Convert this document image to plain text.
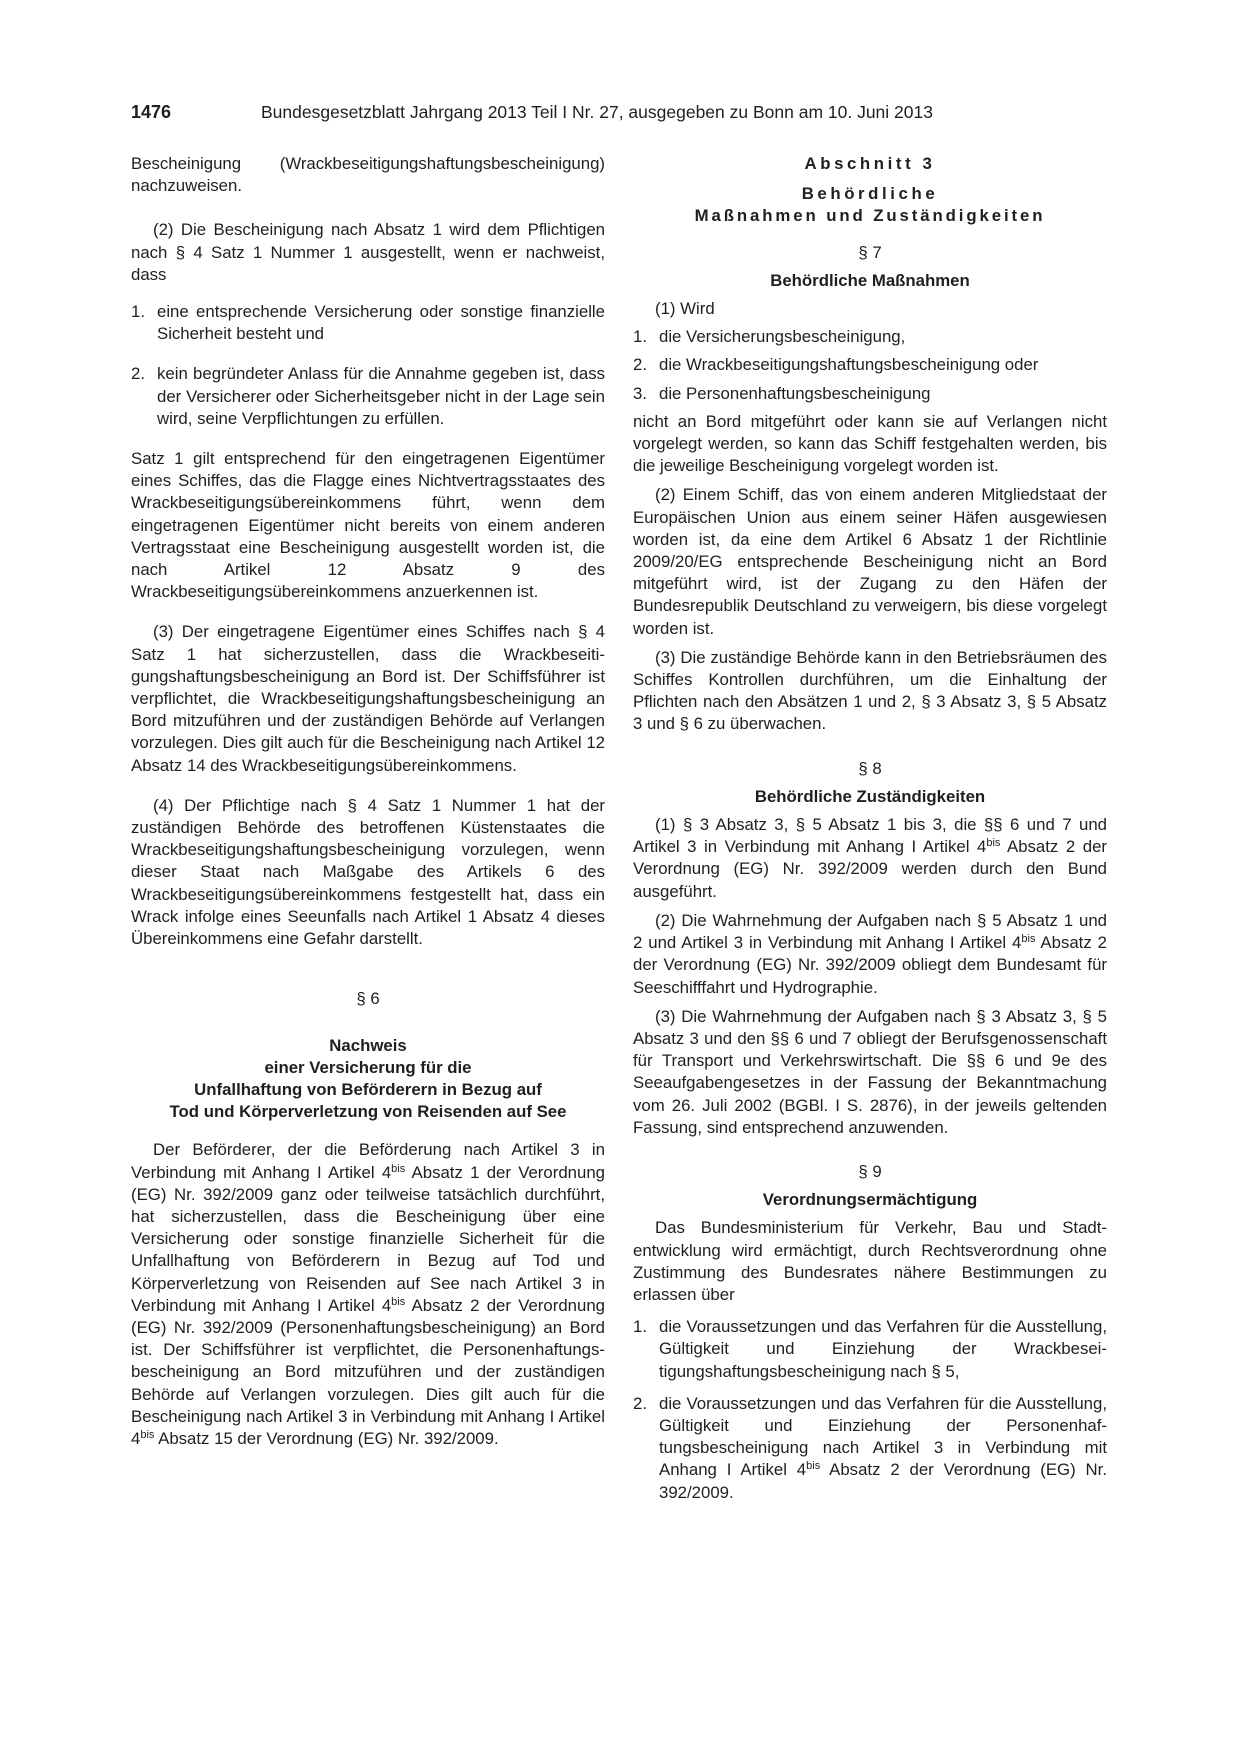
1476	Bundesgesetzblatt Jahrgang 2013 Teil I Nr. 27, ausgegeben zu Bonn am 10. Juni 2013

Bescheinigung (Wrackbeseitigungshaftungsbescheinigung) nachzuweisen.

(2) Die Bescheinigung nach Absatz 1 wird dem Pflichtigen nach § 4 Satz 1 Nummer 1 ausgestellt, wenn er nachweist, dass

1. eine entsprechende Versicherung oder sonstige finanzielle Sicherheit besteht und
2. kein begründeter Anlass für die Annahme gegeben ist, dass der Versicherer oder Sicherheitsgeber nicht in der Lage sein wird, seine Verpflichtungen zu erfüllen.

Satz 1 gilt entsprechend für den eingetragenen Eigentümer eines Schiffes, das die Flagge eines Nichtvertragsstaates des Wrackbeseitigungsübereinkommens führt, wenn dem eingetragenen Eigentümer nicht bereits von einem anderen Vertragsstaat eine Bescheinigung ausgestellt worden ist, die nach Artikel 12 Absatz 9 des Wrackbeseitigungsübereinkommens anzuerkennen ist.

(3) Der eingetragene Eigentümer eines Schiffes nach § 4 Satz 1 hat sicherzustellen, dass die Wrackbeseitigungshaftungsbescheinigung an Bord ist. Der Schiffsführer ist verpflichtet, die Wrackbeseitigungshaftungsbescheinigung an Bord mitzuführen und der zuständigen Behörde auf Verlangen vorzulegen. Dies gilt auch für die Bescheinigung nach Artikel 12 Absatz 14 des Wrackbeseitigungsübereinkommens.

(4) Der Pflichtige nach § 4 Satz 1 Nummer 1 hat der zuständigen Behörde des betroffenen Küstenstaates die Wrackbeseitigungshaftungsbescheinigung vorzulegen, wenn dieser Staat nach Maßgabe des Artikels 6 des Wrackbeseitigungsübereinkommens festgestellt hat, dass ein Wrack infolge eines Seeunfalls nach Artikel 1 Absatz 4 dieses Übereinkommens eine Gefahr darstellt.

§ 6

Nachweis
einer Versicherung für die
Unfallhaftung von Beförderern in Bezug auf
Tod und Körperverletzung von Reisenden auf See

Der Beförderer, der die Beförderung nach Artikel 3 in Verbindung mit Anhang I Artikel $4^{bis}$ Absatz 1 der Verordnung (EG) Nr. 392/2009 ganz oder teilweise tatsächlich durchführt, hat sicherzustellen, dass die Bescheinigung über eine Versicherung oder sonstige finanzielle Sicherheit für die Unfallhaftung von Beförderern in Bezug auf Tod und Körperverletzung von Reisenden auf See nach Artikel 3 in Verbindung mit Anhang I Artikel $4^{bis}$ Absatz 2 der Verordnung (EG) Nr. 392/2009 (Personenhaftungsbescheinigung) an Bord ist. Der Schiffsführer ist verpflichtet, die Personenhaftungsbescheinigung an Bord mitzuführen und der zuständigen Behörde auf Verlangen vorzulegen. Dies gilt auch für die Bescheinigung nach Artikel 3 in Verbindung mit Anhang I Artikel $4^{bis}$ Absatz 15 der Verordnung (EG) Nr. 392/2009.

Abschnitt 3

Behördliche

Maßnahmen und Zuständigkeiten

§ 7

Behördliche Maßnahmen

(1) Wird

1. die Versicherungsbescheinigung,
2. die Wrackbeseitigungshaftungsbescheinigung oder
3. die Personenhaftungsbescheinigung

nicht an Bord mitgeführt oder kann sie auf Verlangen nicht vorgelegt werden, so kann das Schiff festgehalten werden, bis die jeweilige Bescheinigung vorgelegt worden ist.

(2) Einem Schiff, das von einem anderen Mitgliedstaat der Europäischen Union aus einem seiner Häfen ausgewiesen worden ist, da eine dem Artikel 6 Absatz 1 der Richtlinie 2009/20/EG entsprechende Bescheinigung nicht an Bord mitgeführt wird, ist der Zugang zu den Häfen der Bundesrepublik Deutschland zu verweigern, bis diese vorgelegt worden ist.

(3) Die zuständige Behörde kann in den Betriebsräumen des Schiffes Kontrollen durchführen, um die Einhaltung der Pflichten nach den Absätzen 1 und 2, § 3 Absatz 3, § 5 Absatz 3 und § 6 zu überwachen.

§ 8

Behördliche Zuständigkeiten

(1) § 3 Absatz 3, § 5 Absatz 1 bis 3, die §§ 6 und 7 und Artikel 3 in Verbindung mit Anhang I Artikel $4^{bis}$ Absatz 2 der Verordnung (EG) Nr. 392/2009 werden durch den Bund ausgeführt.

(2) Die Wahrnehmung der Aufgaben nach § 5 Absatz 1 und 2 und Artikel 3 in Verbindung mit Anhang I Artikel $4^{bis}$ Absatz 2 der Verordnung (EG) Nr. 392/2009 obliegt dem Bundesamt für Seeschifffahrt und Hydrographie.

(3) Die Wahrnehmung der Aufgaben nach § 3 Absatz 3, § 5 Absatz 3 und den §§ 6 und 7 obliegt der Berufsgenossenschaft für Transport und Verkehrswirtschaft. Die §§ 6 und 9e des Seeaufgabengesetzes in der Fassung der Bekanntmachung vom 26. Juli 2002 (BGBl. I S. 2876), in der jeweils geltenden Fassung, sind entsprechend anzuwenden.

§ 9

Verordnungsermächtigung

Das Bundesministerium für Verkehr, Bau und Stadtentwicklung wird ermächtigt, durch Rechtsverordnung ohne Zustimmung des Bundesrates nähere Bestimmungen zu erlassen über

1. die Voraussetzungen und das Verfahren für die Ausstellung, Gültigkeit und Einziehung der Wrackbeseitigungshaftungsbescheinigung nach § 5,
2. die Voraussetzungen und das Verfahren für die Ausstellung, Gültigkeit und Einziehung der Personenhaftungsbescheinigung nach Artikel 3 in Verbindung mit Anhang I Artikel $4^{bis}$ Absatz 2 der Verordnung (EG) Nr. 392/2009.
